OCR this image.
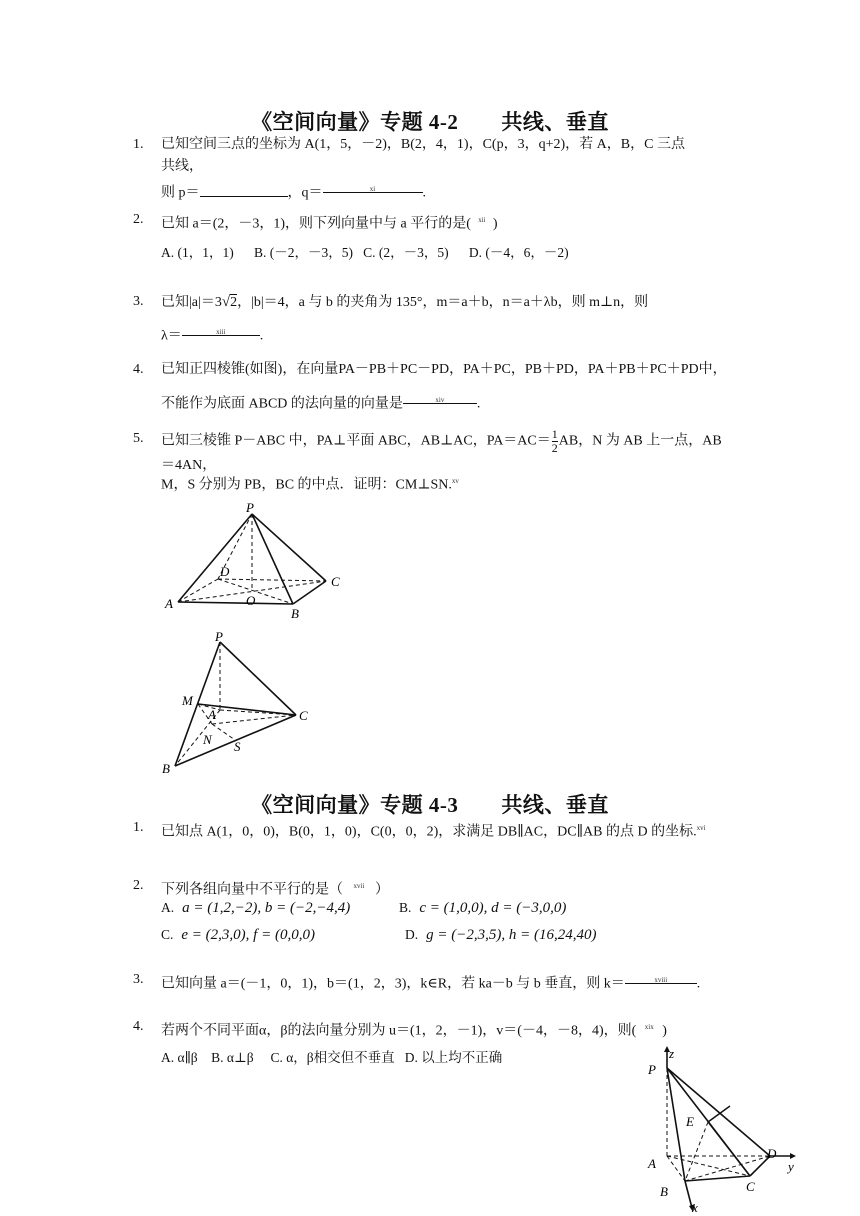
《空间向量》专题 4-2　　共线、垂直
1.	已知空间三点的坐标为 A(1，5，－2)，B(2，4，1)，C(p，3，q+2)，若 A，B，C 三点
共线，
则 p＝	，q＝	$^{xi}$	.
2.	已知 a＝(2，－3，1)，则下列向量中与 a 平行的是( $^{xii}$ )
A. (1，1，1)      B. (－2，－3，5)   C. (2，－3，5)      D. (－4，6，－2)
3.	已知|a|＝3√2，|b|＝4，a 与 b 的夹角为 135°，m＝a＋b，n＝a＋λb，则 m⊥n，则
λ＝	$^{xiii}$ .
4.	已知正四棱锥(如图)，在向量PA－PB＋PC－PD，PA＋PC，PB＋PD，PA＋PB＋PC＋PD中，
不能作为底面 ABCD 的法向量的向量是	$^{xiv}$ .
5.	已知三棱锥 P－ABC 中，PA⊥平面 ABC，AB⊥AC，$PA=AC= \frac{1}{2}$ AB，N 为 AB 上一点，AB＝4AN，
M，S 分别为 PB，BC 的中点．证明：CM⊥SN.$^{xv}$
P
A
B
C
D
O
P
M
A
N S
B
C
《空间向量》专题 4-3　　共线、垂直
1.	已知点 A(1，0，0)，B(0，1，0)，C(0，0，2)，求满足 DB∥AC，DC∥AB 的点 D 的坐标.$^{xvi}$
2.	下列各组向量中不平行的是（ $^{xvii}$ ）
A. a = (1,2,−2), b = (−2,−4,4)	B. c = (1,0,0), d = (−3,0,0)
C. e = (2,3,0), f = (0,0,0)	D. g = (−2,3,5), h = (16,24,40)
3.	已知向量 a＝(－1，0，1)，b＝(1，2，3)，k∈R，若 ka－b 与 b 垂直，则 k＝	$^{xviii}$ .
4.	若两个不同平面α，β的法向量分别为 u＝(1，2，－1)，v＝(－4，－8，4)，则( $^{xix}$ )
A. α∥β    B. α⊥β     C. α，β相交但不垂直   D. 以上均不正确	z
P
E
A
D
y
B	C
x
